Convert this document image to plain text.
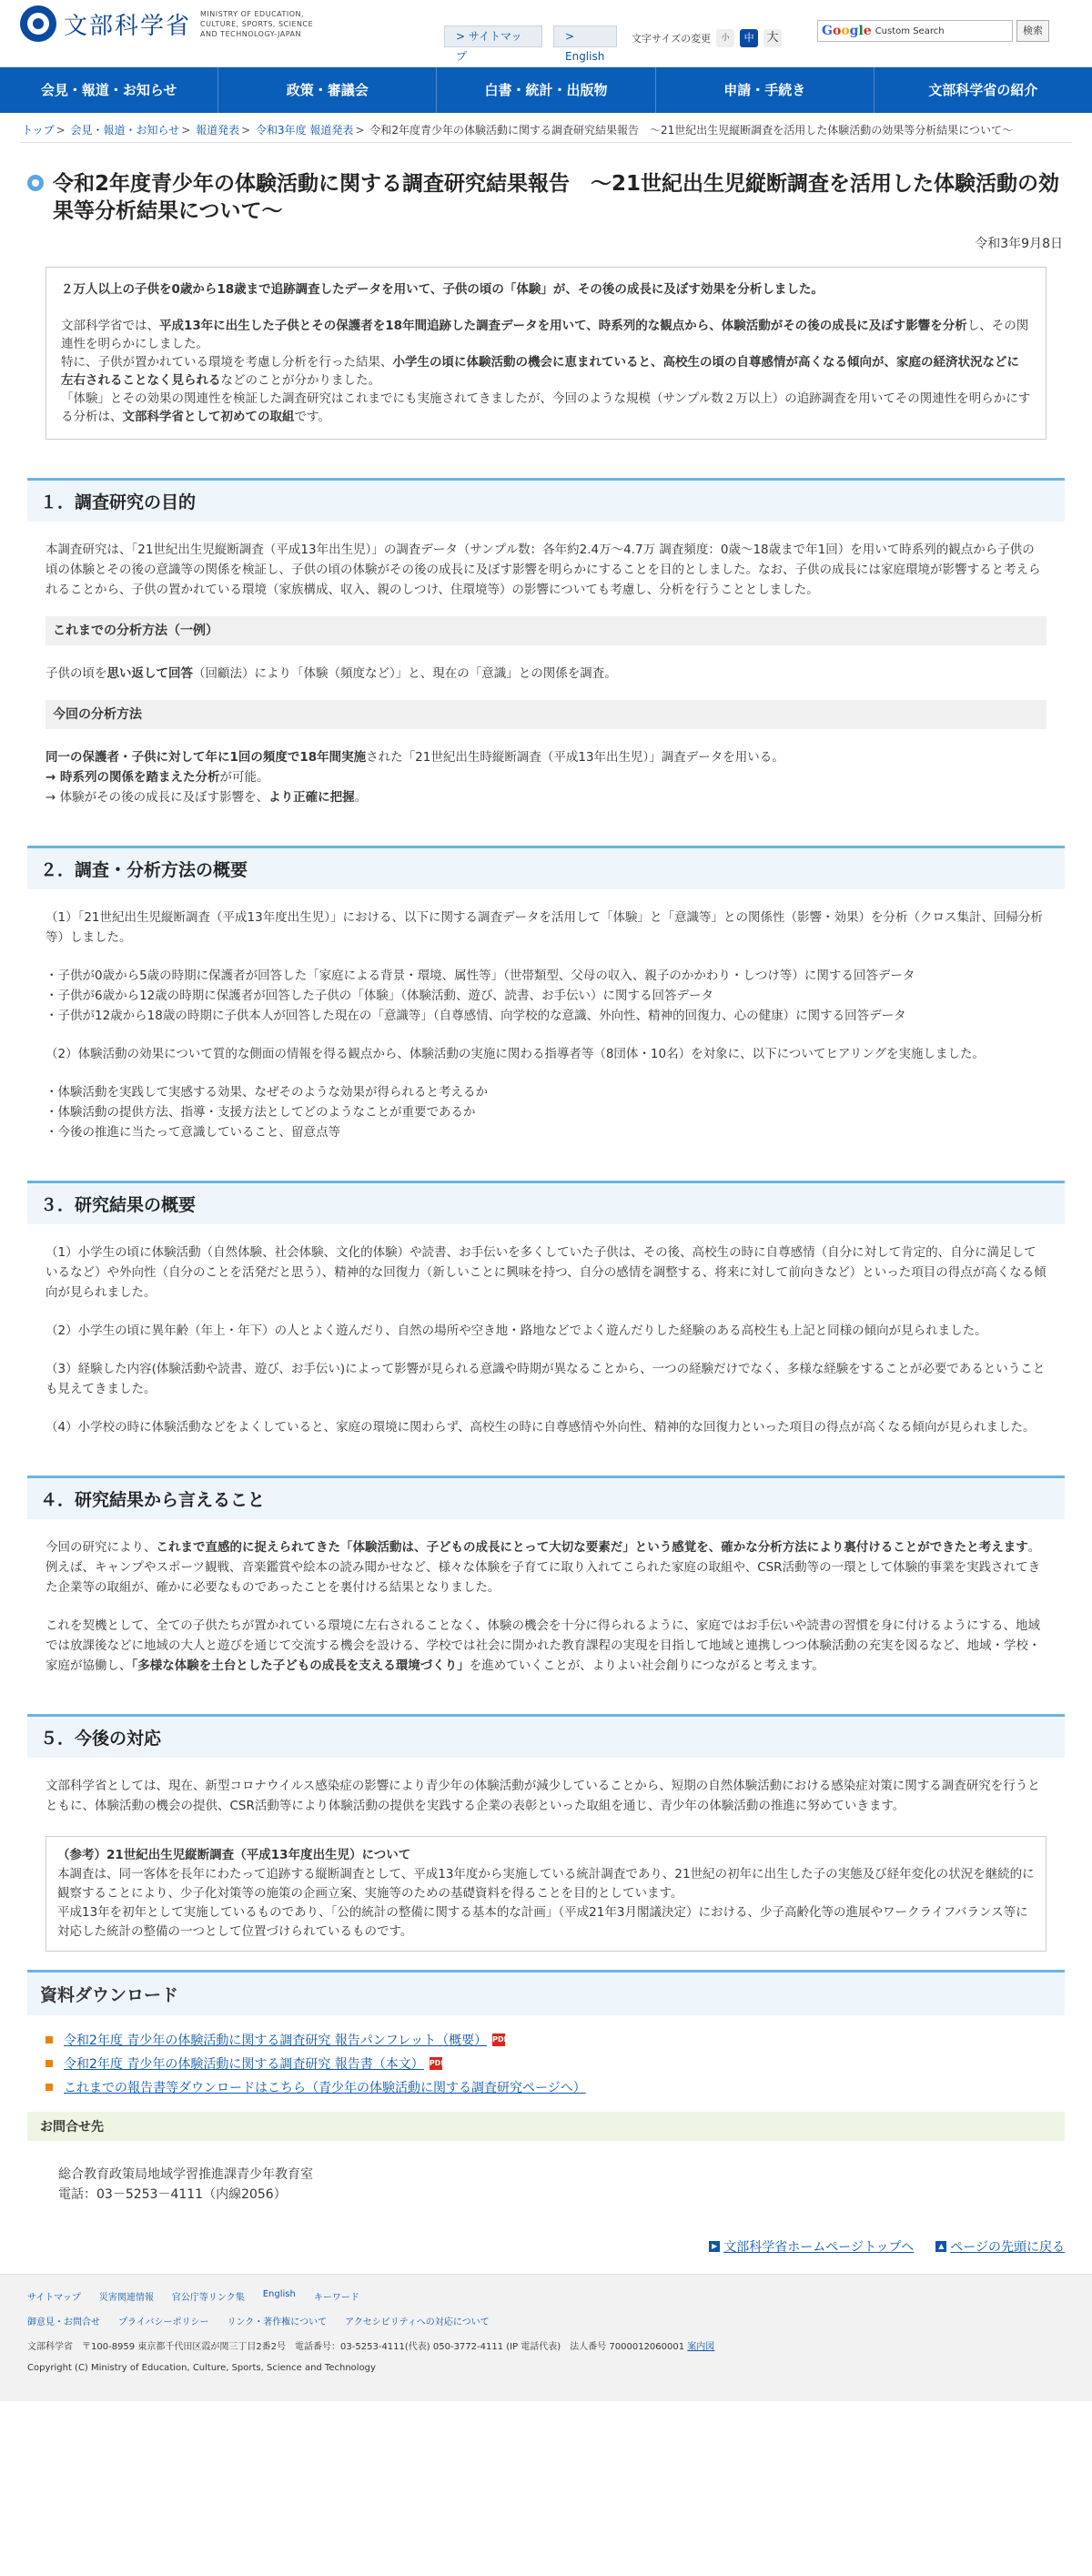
文部科学省 MINISTRY OF EDUCATION, CULTURE, SPORTS, SCIENCE AND TECHNOLOGY-JAPAN	> サイトマップ
> English
文字サイズの変更	小	中	大	Google Custom Search	検索
会見・報道・お知らせ	政策・審議会	白書・統計・出版物	申請・手続き	文部科学省の紹介
トップ > 会見・報道・お知らせ > 報道発表 > 令和3年度 報道発表 > 令和2年度青少年の体験活動に関する調査研究結果報告　～21世紀出生児縦断調査を活用した体験活動の効果等分析結果について～
令和2年度青少年の体験活動に関する調査研究結果報告　～21世紀出生児縦断調査を活用した体験活動の効果等分析結果について～
令和3年9月8日
２万人以上の子供を0歳から18歳まで追跡調査したデータを用いて、子供の頃の「体験」が、その後の成長に及ぼす効果を分析しました。
文部科学省では、平成13年に出生した子供とその保護者を18年間追跡した調査データを用いて、時系列的な観点から、体験活動がその後の成長に及ぼす影響を分析し、その関連性を明らかにしました。
特に、子供が置かれている環境を考慮し分析を行った結果、小学生の頃に体験活動の機会に恵まれていると、高校生の頃の自尊感情が高くなる傾向が、家庭の経済状況などに左右されることなく見られるなどのことが分かりました。
「体験」とその効果の関連性を検証した調査研究はこれまでにも実施されてきましたが、今回のような規模（サンプル数２万以上）の追跡調査を用いてその関連性を明らかにする分析は、文部科学省として初めての取組です。
１．調査研究の目的
本調査研究は、「21世紀出生児縦断調査（平成13年出生児）」の調査データ（サンプル数：各年約2.4万～4.7万 調査頻度：0歳～18歳まで年1回）を用いて時系列的観点から子供の頃の体験とその後の意識等の関係を検証し、子供の頃の体験がその後の成長に及ぼす影響を明らかにすることを目的としました。なお、子供の成長には家庭環境が影響すると考えられることから、子供の置かれている環境（家族構成、収入、親のしつけ、住環境等）の影響についても考慮し、分析を行うこととしました。
これまでの分析方法（一例）
子供の頃を思い返して回答（回顧法）により「体験（頻度など）」と、現在の「意識」との関係を調査。
今回の分析方法
同一の保護者・子供に対して年に1回の頻度で18年間実施された「21世紀出生時縦断調査（平成13年出生児）」調査データを用いる。
→ 時系列の関係を踏まえた分析が可能。
→ 体験がその後の成長に及ぼす影響を、より正確に把握。
２．調査・分析方法の概要
（1）「21世紀出生児縦断調査（平成13年度出生児）」における、以下に関する調査データを活用して「体験」と「意識等」との関係性（影響・効果）を分析（クロス集計、回帰分析等）しました。
・子供が0歳から5歳の時期に保護者が回答した「家庭による背景・環境、属性等」（世帯類型、父母の収入、親子のかかわり・しつけ等）に関する回答データ
・子供が6歳から12歳の時期に保護者が回答した子供の「体験」（体験活動、遊び、読書、お手伝い）に関する回答データ
・子供が12歳から18歳の時期に子供本人が回答した現在の「意識等」（自尊感情、向学校的な意識、外向性、精神的回復力、心の健康）に関する回答データ
（2）体験活動の効果について質的な側面の情報を得る観点から、体験活動の実施に関わる指導者等（8団体・10名）を対象に、以下についてヒアリングを実施しました。
・体験活動を実践して実感する効果、なぜそのような効果が得られると考えるか
・体験活動の提供方法、指導・支援方法としてどのようなことが重要であるか
・今後の推進に当たって意識していること、留意点等
３．研究結果の概要
（1）小学生の頃に体験活動（自然体験、社会体験、文化的体験）や読書、お手伝いを多くしていた子供は、その後、高校生の時に自尊感情（自分に対して肯定的、自分に満足しているなど）や外向性（自分のことを活発だと思う）、精神的な回復力（新しいことに興味を持つ、自分の感情を調整する、将来に対して前向きなど）といった項目の得点が高くなる傾向が見られました。
（2）小学生の頃に異年齢（年上・年下）の人とよく遊んだり、自然の場所や空き地・路地などでよく遊んだりした経験のある高校生も上記と同様の傾向が見られました。
（3）経験した内容(体験活動や読書、遊び、お手伝い)によって影響が見られる意識や時期が異なることから、一つの経験だけでなく、多様な経験をすることが必要であるということも見えてきました。
（4）小学校の時に体験活動などをよくしていると、家庭の環境に関わらず、高校生の時に自尊感情や外向性、精神的な回復力といった項目の得点が高くなる傾向が見られました。
４．研究結果から言えること
今回の研究により、これまで直感的に捉えられてきた「体験活動は、子どもの成長にとって大切な要素だ」という感覚を、確かな分析方法により裏付けることができたと考えます。例えば、キャンプやスポーツ観戦、音楽鑑賞や絵本の読み聞かせなど、様々な体験を子育てに取り入れてこられた家庭の取組や、CSR活動等の一環として体験的事業を実践されてきた企業等の取組が、確かに必要なものであったことを裏付ける結果となりました。
これを契機として、全ての子供たちが置かれている環境に左右されることなく、体験の機会を十分に得られるように、家庭ではお手伝いや読書の習慣を身に付けるようにする、地域では放課後などに地域の大人と遊びを通じて交流する機会を設ける、学校では社会に開かれた教育課程の実現を目指して地域と連携しつつ体験活動の充実を図るなど、地域・学校・家庭が協働し、「多様な体験を土台とした子どもの成長を支える環境づくり」を進めていくことが、よりよい社会創りにつながると考えます。
５．今後の対応
文部科学省としては、現在、新型コロナウイルス感染症の影響により青少年の体験活動が減少していることから、短期の自然体験活動における感染症対策に関する調査研究を行うとともに、体験活動の機会の提供、CSR活動等により体験活動の提供を実践する企業の表彰といった取組を通じ、青少年の体験活動の推進に努めていきます。
（参考）21世紀出生児縦断調査（平成13年度出生児）について
本調査は、同一客体を長年にわたって追跡する縦断調査として、平成13年度から実施している統計調査であり、21世紀の初年に出生した子の実態及び経年変化の状況を継続的に観察することにより、少子化対策等の施策の企画立案、実施等のための基礎資料を得ることを目的としています。
平成13年を初年として実施しているものであり、「公的統計の整備に関する基本的な計画」（平成21年3月閣議決定）における、少子高齢化等の進展やワークライフバランス等に対応した統計の整備の一つとして位置づけられているものです。
資料ダウンロード
令和2年度 青少年の体験活動に関する調査研究 報告パンフレット（概要） PDF
令和2年度 青少年の体験活動に関する調査研究 報告書（本文） PDF
これまでの報告書等ダウンロードはこちら（青少年の体験活動に関する調査研究ページへ）
お問合せ先
総合教育政策局地域学習推進課青少年教育室
電話：03－5253－4111（内線2056）
▶ 文部科学省ホームページトップへ	▲ ページの先頭に戻る
サイトマップ 災害関連情報 官公庁等リンク集 English キーワード
御意見・お問合せ プライバシーポリシー リンク・著作権について アクセシビリティへの対応について
文部科学省　〒100-8959 東京都千代田区霞が関三丁目2番2号　電話番号：03-5253-4111(代表) 050-3772-4111 (IP 電話代表)　法人番号 7000012060001 案内図
Copyright (C) Ministry of Education, Culture, Sports, Science and Technology
